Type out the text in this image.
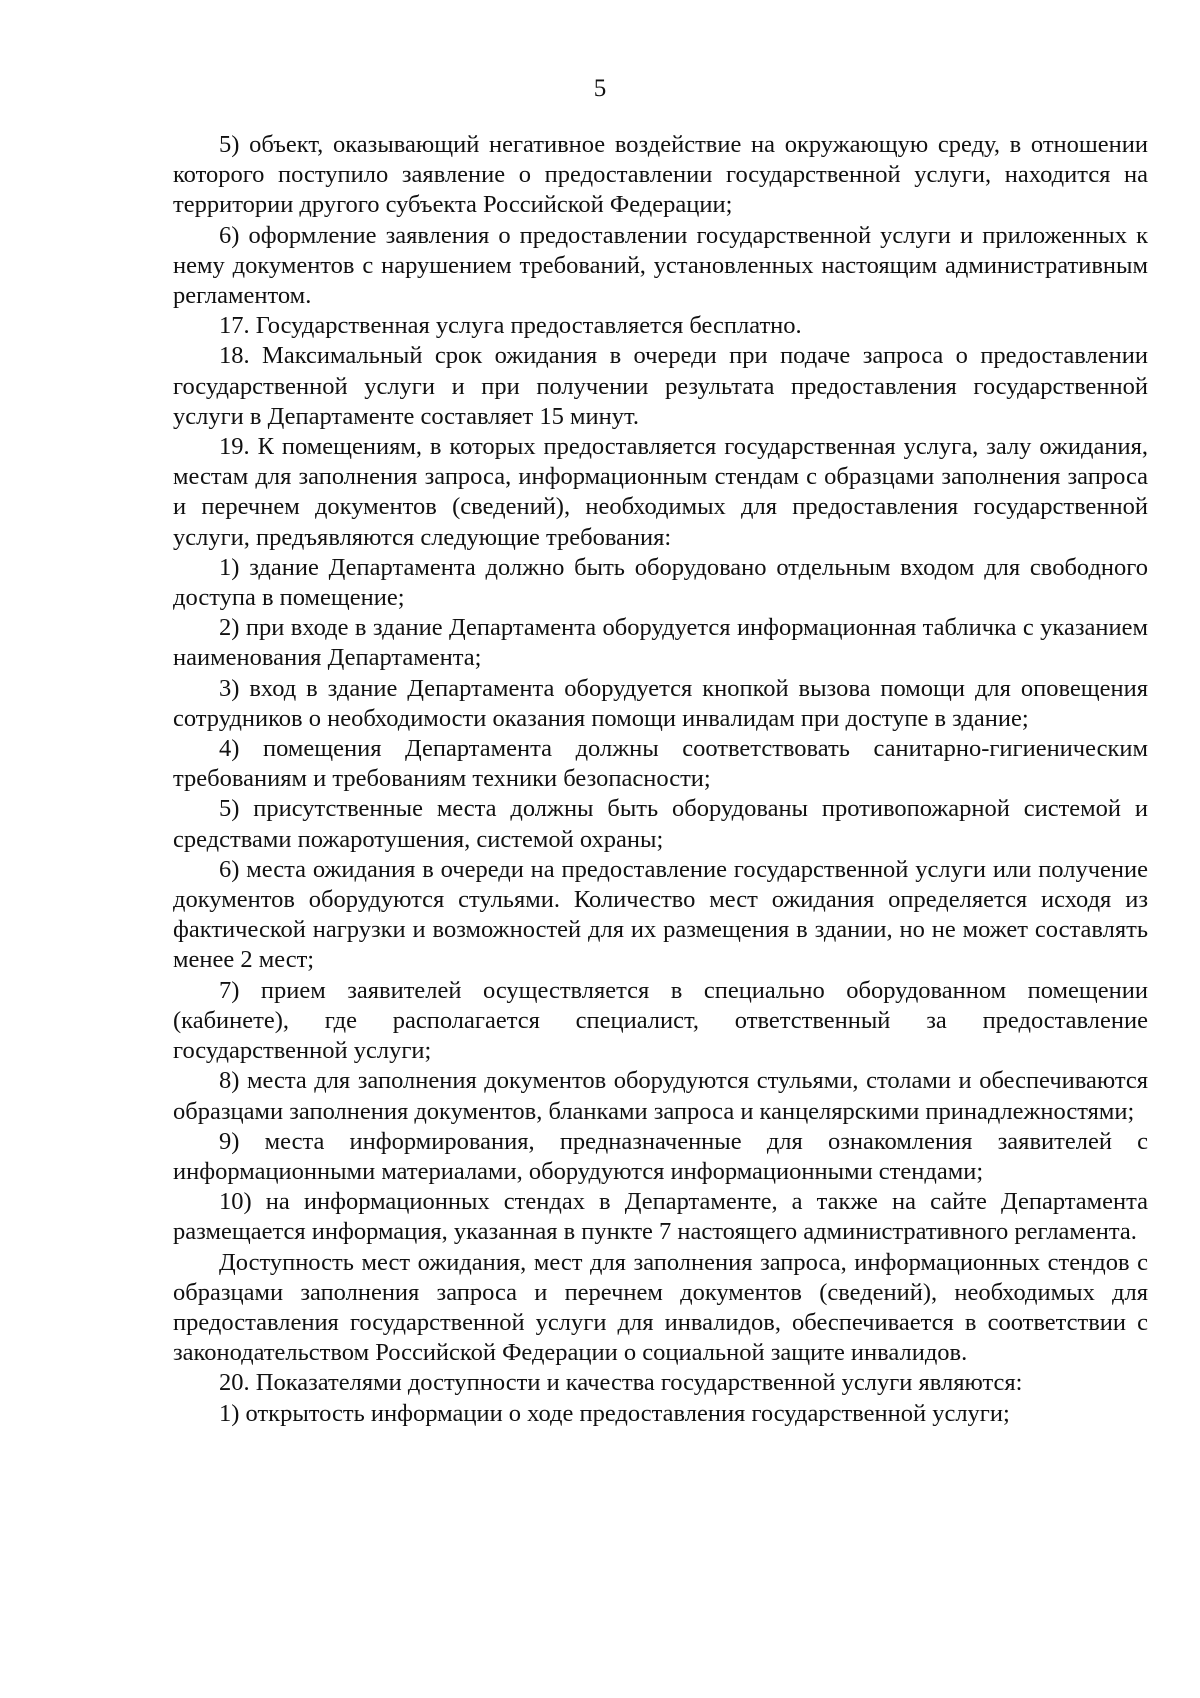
5

5) объект, оказывающий негативное воздействие на окружающую среду, в отношении которого поступило заявление о предоставлении государственной услуги, находится на территории другого субъекта Российской Федерации;

6) оформление заявления о предоставлении государственной услуги и приложенных к нему документов с нарушением требований, установленных настоящим административным регламентом.

17. Государственная услуга предоставляется бесплатно.

18. Максимальный срок ожидания в очереди при подаче запроса о предоставлении государственной услуги и при получении результата предоставления государственной услуги в Департаменте составляет 15 минут.

19. К помещениям, в которых предоставляется государственная услуга, залу ожидания, местам для заполнения запроса, информационным стендам с образцами заполнения запроса и перечнем документов (сведений), необходимых для предоставления государственной услуги, предъявляются следующие требования:

1) здание Департамента должно быть оборудовано отдельным входом для свободного доступа в помещение;

2) при входе в здание Департамента оборудуется информационная табличка с указанием наименования Департамента;

3) вход в здание Департамента оборудуется кнопкой вызова помощи для оповещения сотрудников о необходимости оказания помощи инвалидам при доступе в здание;

4) помещения Департамента должны соответствовать санитарно-гигиеническим требованиям и требованиям техники безопасности;

5) присутственные места должны быть оборудованы противопожарной системой и средствами пожаротушения, системой охраны;

6) места ожидания в очереди на предоставление государственной услуги или получение документов оборудуются стульями. Количество мест ожидания определяется исходя из фактической нагрузки и возможностей для их размещения в здании, но не может составлять менее 2 мест;

7) прием заявителей осуществляется в специально оборудованном помещении (кабинете), где располагается специалист, ответственный за предоставление государственной услуги;

8) места для заполнения документов оборудуются стульями, столами и обеспечиваются образцами заполнения документов, бланками запроса и канцелярскими принадлежностями;

9) места информирования, предназначенные для ознакомления заявителей с информационными материалами, оборудуются информационными стендами;

10) на информационных стендах в Департаменте, а также на сайте Департамента размещается информация, указанная в пункте 7 настоящего административного регламента.

Доступность мест ожидания, мест для заполнения запроса, информационных стендов с образцами заполнения запроса и перечнем документов (сведений), необходимых для предоставления государственной услуги для инвалидов, обеспечивается в соответствии с законодательством Российской Федерации о социальной защите инвалидов.

20. Показателями доступности и качества государственной услуги являются:

1) открытость информации о ходе предоставления государственной услуги;
